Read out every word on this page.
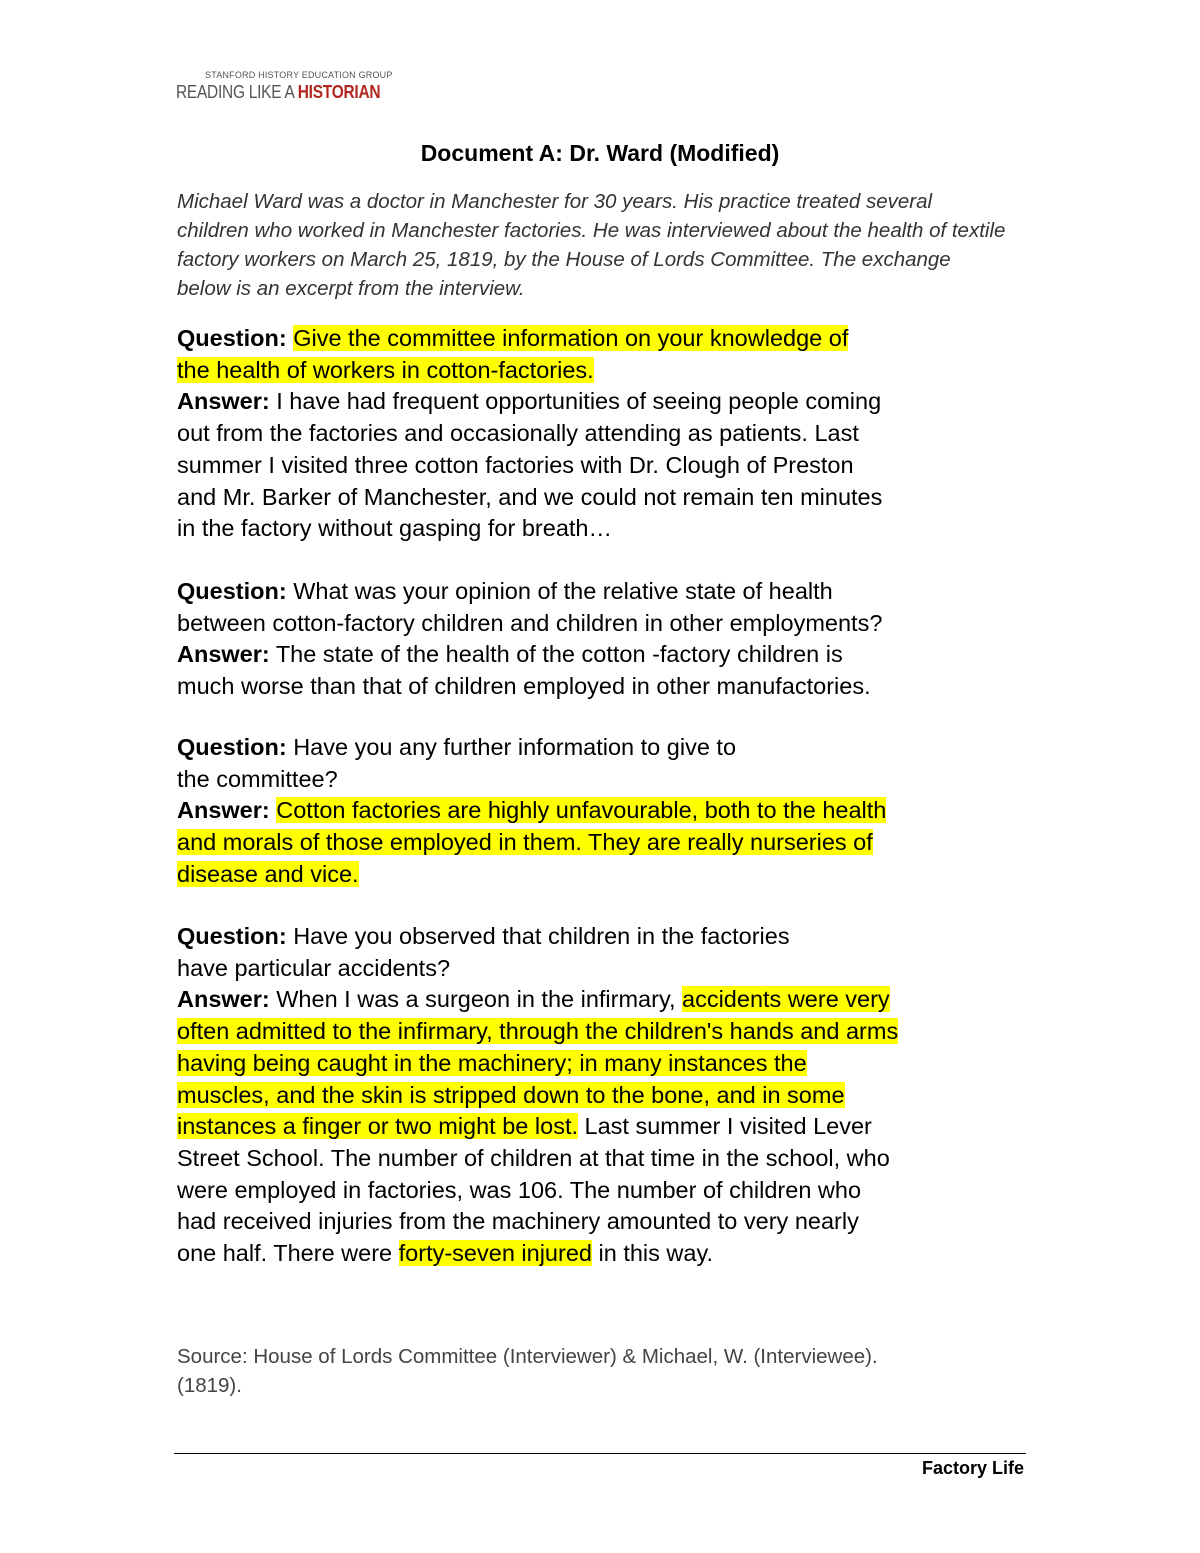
STANFORD HISTORY EDUCATION GROUP
READING LIKE A HISTORIAN
Document A: Dr. Ward (Modified)
Michael Ward was a doctor in Manchester for 30 years. His practice treated several children who worked in Manchester factories. He was interviewed about the health of textile factory workers on March 25, 1819, by the House of Lords Committee. The exchange below is an excerpt from the interview.
Question: Give the committee information on your knowledge of
the health of workers in cotton-factories.
Answer: I have had frequent opportunities of seeing people coming
out from the factories and occasionally attending as patients. Last
summer I visited three cotton factories with Dr. Clough of Preston
and Mr. Barker of Manchester, and we could not remain ten minutes
in the factory without gasping for breath…
Question: What was your opinion of the relative state of health
between cotton-factory children and children in other employments?
Answer: The state of the health of the cotton -factory children is
much worse than that of children employed in other manufactories.
Question: Have you any further information to give to
the committee?
Answer: Cotton factories are highly unfavourable, both to the health
and morals of those employed in them. They are really nurseries of
disease and vice.
Question: Have you observed that children in the factories
have particular accidents?
Answer: When I was a surgeon in the infirmary, accidents were very
often admitted to the infirmary, through the children's hands and arms
having being caught in the machinery; in many instances the
muscles, and the skin is stripped down to the bone, and in some
instances a finger or two might be lost. Last summer I visited Lever
Street School. The number of children at that time in the school, who
were employed in factories, was 106. The number of children who
had received injuries from the machinery amounted to very nearly
one half. There were forty-seven injured in this way.
Source: House of Lords Committee (Interviewer) & Michael, W. (Interviewee).
(1819).
Factory Life
